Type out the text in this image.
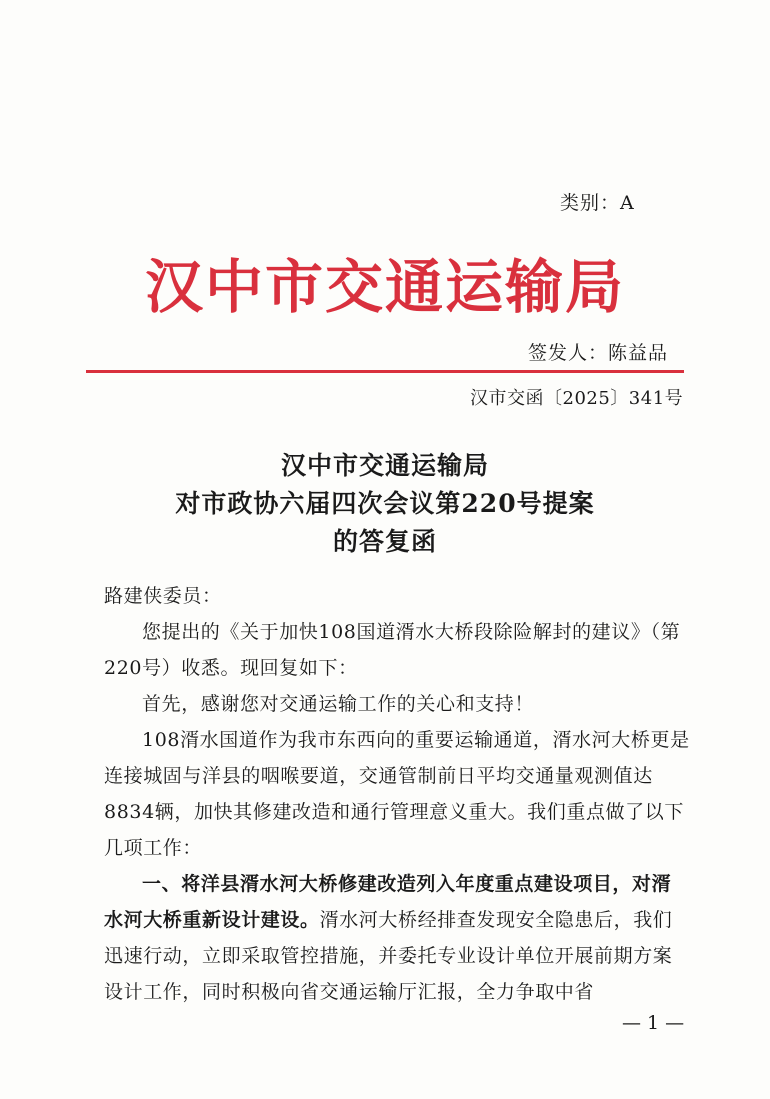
类别：A
汉中市交通运输局
签发人：陈益品
汉市交函〔2025〕341号
汉中市交通运输局
对市政协六届四次会议第220号提案
的答复函

路建侠委员：

您提出的《关于加快108国道湑水大桥段除险解封的建议》（第220号）收悉。现回复如下：

首先，感谢您对交通运输工作的关心和支持！

108湑水国道作为我市东西向的重要运输通道，湑水河大桥更是连接城固与洋县的咽喉要道，交通管制前日平均交通量观测值达8834辆，加快其修建改造和通行管理意义重大。我们重点做了以下几项工作：

一、将洋县湑水河大桥修建改造列入年度重点建设项目，对湑水河大桥重新设计建设。湑水河大桥经排查发现安全隐患后，我们迅速行动，立即采取管控措施，并委托专业设计单位开展前期方案设计工作，同时积极向省交通运输厅汇报，全力争取中省

— 1 —
